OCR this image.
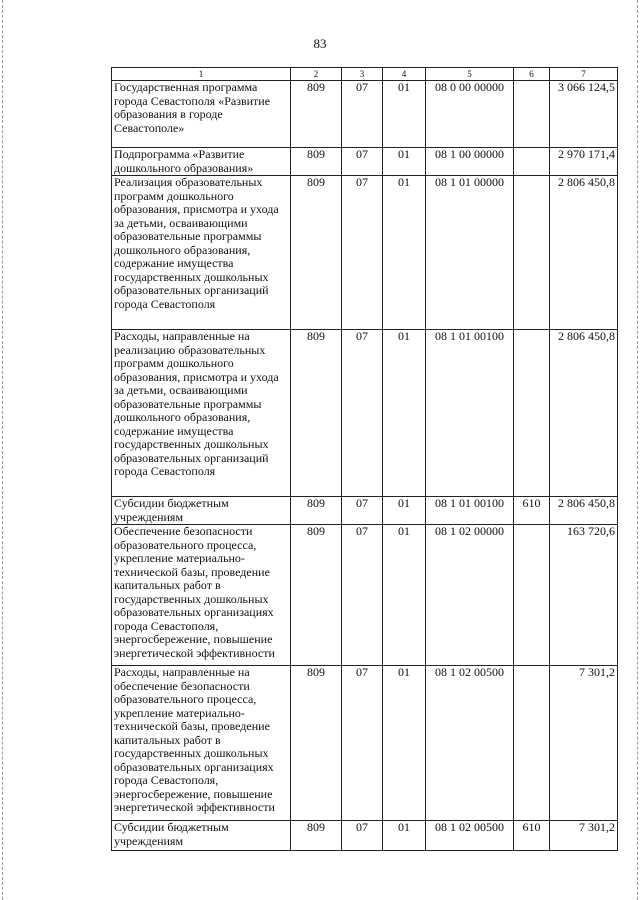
83
1	2	3	4	5	6	7
Государственная программа города Севастополя «Развитие образования в городе Севастополе»	809	07	01	08 0 00 00000		3 066 124,5
Подпрограмма «Развитие дошкольного образования»	809	07	01	08 1 00 00000		2 970 171,4
Реализация образовательных программ дошкольного образования, присмотра и ухода за детьми, осваивающими образовательные программы дошкольного образования, содержание имущества государственных дошкольных образовательных организаций города Севастополя	809	07	01	08 1 01 00000		2 806 450,8
Расходы, направленные на реализацию образовательных программ дошкольного образования, присмотра и ухода за детьми, осваивающими образовательные программы дошкольного образования, содержание имущества государственных дошкольных образовательных организаций города Севастополя	809	07	01	08 1 01 00100		2 806 450,8
Субсидии бюджетным учреждениям	809	07	01	08 1 01 00100	610	2 806 450,8
Обеспечение безопасности образовательного процесса, укрепление материально-технической базы, проведение капитальных работ в государственных дошкольных образовательных организациях города Севастополя, энергосбережение, повышение энергетической эффективности	809	07	01	08 1 02 00000		163 720,6
Расходы, направленные на обеспечение безопасности образовательного процесса, укрепление материально-технической базы, проведение капитальных работ в государственных дошкольных образовательных организациях города Севастополя, энергосбережение, повышение энергетической эффективности	809	07	01	08 1 02 00500		7 301,2
Субсидии бюджетным учреждениям	809	07	01	08 1 02 00500	610	7 301,2
